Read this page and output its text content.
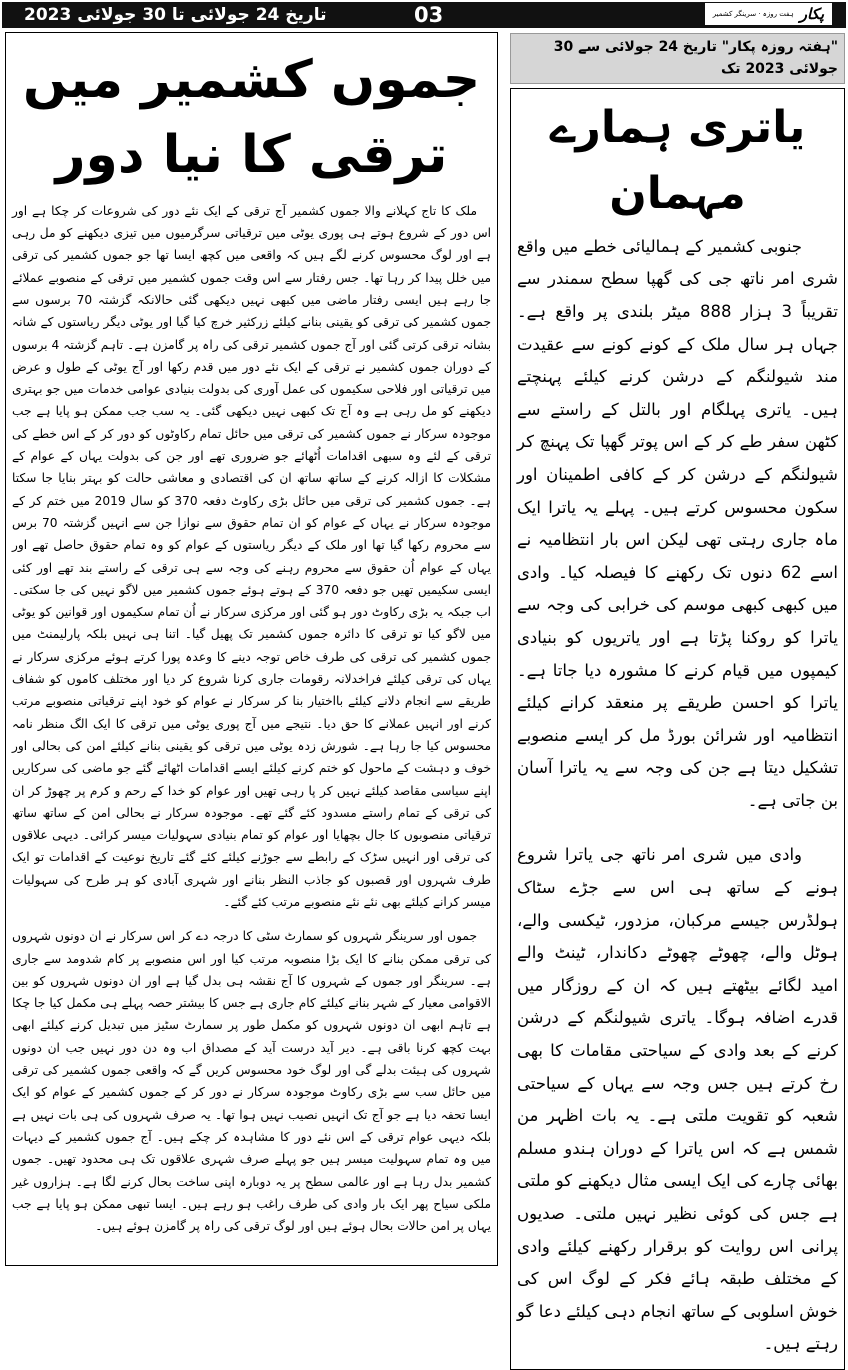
تاریخ 24 جولائی تا 30 جولائی 2023	03	پکار
ہفت روزہ · سرینگر کشمیر
جموں کشمیر میں ترقی کا نیا دور

ملک کا تاج کہلانے والا جموں کشمیر آج ترقی کے ایک نئے دور کی شروعات کر چکا ہے اور اس دور کے شروع ہوتے ہی پوری یوٹی میں ترقیاتی سرگرمیوں میں تیزی دیکھنے کو مل رہی ہے اور لوگ محسوس کرنے لگے ہیں کہ واقعی میں کچھ ایسا تھا جو جموں کشمیر کی ترقی میں خلل پیدا کر رہا تھا۔ جس رفتار سے اس وقت جموں کشمیر میں ترقی کے منصوبے عملائے جا رہے ہیں ایسی رفتار ماضی میں کبھی نہیں دیکھی گئی حالانکہ گزشتہ 70 برسوں سے جموں کشمیر کی ترقی کو یقینی بنانے کیلئے زرکثیر خرچ کیا گیا اور یوٹی دیگر ریاستوں کے شانہ بشانہ ترقی کرتی گئی اور آج جموں کشمیر ترقی کی راہ پر گامزن ہے۔ تاہم گزشتہ 4 برسوں کے دوران جموں کشمیر نے ترقی کے ایک نئے دور میں قدم رکھا اور آج یوٹی کے طول و عرض میں ترقیاتی اور فلاحی سکیموں کی عمل آوری کی بدولت بنیادی عوامی خدمات میں جو بہتری دیکھنے کو مل رہی ہے وہ آج تک کبھی نہیں دیکھی گئی۔ یہ سب جب ممکن ہو پایا ہے جب موجودہ سرکار نے جموں کشمیر کی ترقی میں حائل تمام رکاوٹوں کو دور کر کے اس خطے کی ترقی کے لئے وہ سبھی اقدامات اُٹھائے جو ضروری تھے اور جن کی بدولت یہاں کے عوام کے مشکلات کا ازالہ کرنے کے ساتھ ساتھ ان کی اقتصادی و معاشی حالت کو بہتر بنایا جا سکتا ہے۔ جموں کشمیر کی ترقی میں حائل بڑی رکاوٹ دفعہ 370 کو سال 2019 میں ختم کر کے موجودہ سرکار نے یہاں کے عوام کو ان تمام حقوق سے نوازا جن سے انہیں گزشتہ 70 برس سے محروم رکھا گیا تھا اور ملک کے دیگر ریاستوں کے عوام کو وہ تمام حقوق حاصل تھے اور یہاں کے عوام اُن حقوق سے محروم رہنے کی وجہ سے ہی ترقی کے راستے بند تھے اور کئی ایسی سکیمیں تھیں جو دفعہ 370 کے ہوتے ہوئے جموں کشمیر میں لاگو نہیں کی جا سکتی۔ اب جبکہ یہ بڑی رکاوٹ دور ہو گئی اور مرکزی سرکار نے اُن تمام سکیموں اور قوانین کو یوٹی میں لاگو کیا تو ترقی کا دائرہ جموں کشمیر تک پھیل گیا۔ اتنا ہی نہیں بلکہ پارلیمنٹ میں جموں کشمیر کی ترقی کی طرف خاص توجہ دینے کا وعدہ پورا کرتے ہوئے مرکزی سرکار نے یہاں کی ترقی کیلئے فراخدلانہ رقومات جاری کرنا شروع کر دیا اور مختلف کاموں کو شفاف طریقے سے انجام دلانے کیلئے بااختیار بنا کر سرکار نے عوام کو خود اپنے ترقیاتی منصوبے مرتب کرنے اور انہیں عملانے کا حق دیا۔ نتیجے میں آج پوری یوٹی میں ترقی کا ایک الگ منظر نامہ محسوس کیا جا رہا ہے۔ شورش زدہ یوٹی میں ترقی کو یقینی بنانے کیلئے امن کی بحالی اور خوف و دہشت کے ماحول کو ختم کرنے کیلئے ایسے اقدامات اٹھائے گئے جو ماضی کی سرکاریں اپنے سیاسی مقاصد کیلئے نہیں کر پا رہی تھیں اور عوام کو خدا کے رحم و کرم پر چھوڑ کر ان کی ترقی کے تمام راستے مسدود کئے گئے تھے۔ موجودہ سرکار نے بحالی امن کے ساتھ ساتھ ترقیاتی منصوبوں کا جال بچھایا اور عوام کو تمام بنیادی سہولیات میسر کرائی۔ دیہی علاقوں کی ترقی اور انہیں سڑک کے رابطے سے جوڑنے کیلئے کئے گئے تاریخ نوعیت کے اقدامات تو ایک طرف شہروں اور قصبوں کو جاذب النظر بنانے اور شہری آبادی کو ہر طرح کی سہولیات میسر کرانے کیلئے بھی نئے نئے منصوبے مرتب کئے گئے۔

جموں اور سرینگر شہروں کو سمارٹ سٹی کا درجہ دے کر اس سرکار نے ان دونوں شہروں کی ترقی ممکن بنانے کا ایک بڑا منصوبہ مرتب کیا اور اس منصوبے پر کام شدومد سے جاری ہے۔ سرینگر اور جموں کے شہروں کا آج نقشہ ہی بدل گیا ہے اور ان دونوں شہروں کو بین الاقوامی معیار کے شہر بنانے کیلئے کام جاری ہے جس کا بیشتر حصہ پہلے ہی مکمل کیا جا چکا ہے تاہم ابھی ان دونوں شہروں کو مکمل طور پر سمارٹ سٹیز میں تبدیل کرنے کیلئے ابھی بہت کچھ کرنا باقی ہے۔ دیر آید درست آید کے مصداق اب وہ دن دور نہیں جب ان دونوں شہروں کی ہیئت بدلے گی اور لوگ خود محسوس کریں گے کہ واقعی جموں کشمیر کی ترقی میں حائل سب سے بڑی رکاوٹ موجودہ سرکار نے دور کر کے جموں کشمیر کے عوام کو ایک ایسا تحفہ دیا ہے جو آج تک انہیں نصیب نہیں ہوا تھا۔ یہ صرف شہروں کی ہی بات نہیں ہے بلکہ دیہی عوام ترقی کے اس نئے دور کا مشاہدہ کر چکے ہیں۔ آج جموں کشمیر کے دیہات میں وہ تمام سہولیت میسر ہیں جو پہلے صرف شہری علاقوں تک ہی محدود تھیں۔ جموں کشمیر بدل رہا ہے اور عالمی سطح پر یہ دوبارہ اپنی ساخت بحال کرنے لگا ہے۔ ہزاروں غیر ملکی سیاح پھر ایک بار وادی کی طرف راغب ہو رہے ہیں۔ ایسا تبھی ممکن ہو پایا ہے جب یہاں پر امن حالات بحال ہوئے ہیں اور لوگ ترقی کی راہ پر گامزن ہوئے ہیں۔

"ہفتہ روزہ پکار" تاریخ 24 جولائی سے 30 جولائی 2023 تک
یاتری ہمارے مہمان

جنوبی کشمیر کے ہمالیائی خطے میں واقع شری امر ناتھ جی کی گھپا سطح سمندر سے تقریباً 3 ہزار 888 میٹر بلندی پر واقع ہے۔ جہاں ہر سال ملک کے کونے کونے سے عقیدت مند شیولنگم کے درشن کرنے کیلئے پہنچتے ہیں۔ یاتری پہلگام اور بالتل کے راستے سے کٹھن سفر طے کر کے اس پوتر گھپا تک پہنچ کر شیولنگم کے درشن کر کے کافی اطمینان اور سکون محسوس کرتے ہیں۔ پہلے یہ یاترا ایک ماہ جاری رہتی تھی لیکن اس بار انتظامیہ نے اسے 62 دنوں تک رکھنے کا فیصلہ کیا۔ وادی میں کبھی کبھی موسم کی خرابی کی وجہ سے یاترا کو روکنا پڑتا ہے اور یاتریوں کو بنیادی کیمپوں میں قیام کرنے کا مشورہ دیا جاتا ہے۔ یاترا کو احسن طریقے پر منعقد کرانے کیلئے انتظامیہ اور شرائن بورڈ مل کر ایسے منصوبے تشکیل دیتا ہے جن کی وجہ سے یہ یاترا آسان بن جاتی ہے۔

وادی میں شری امر ناتھ جی یاترا شروع ہونے کے ساتھ ہی اس سے جڑے سٹاک ہولڈرس جیسے مرکبان، مزدور، ٹیکسی والے، ہوٹل والے، چھوٹے چھوٹے دکاندار، ٹینٹ والے امید لگائے بیٹھتے ہیں کہ ان کے روزگار میں قدرے اضافہ ہوگا۔ یاتری شیولنگم کے درشن کرنے کے بعد وادی کے سیاحتی مقامات کا بھی رخ کرتے ہیں جس وجہ سے یہاں کے سیاحتی شعبہ کو تقویت ملتی ہے۔ یہ بات اظہر من شمس ہے کہ اس یاترا کے دوران ہندو مسلم بھائی چارے کی ایک ایسی مثال دیکھنے کو ملتی ہے جس کی کوئی نظیر نہیں ملتی۔ صدیوں پرانی اس روایت کو برقرار رکھنے کیلئے وادی کے مختلف طبقہ ہائے فکر کے لوگ اس کی خوش اسلوبی کے ساتھ انجام دہی کیلئے دعا گو رہتے ہیں۔
